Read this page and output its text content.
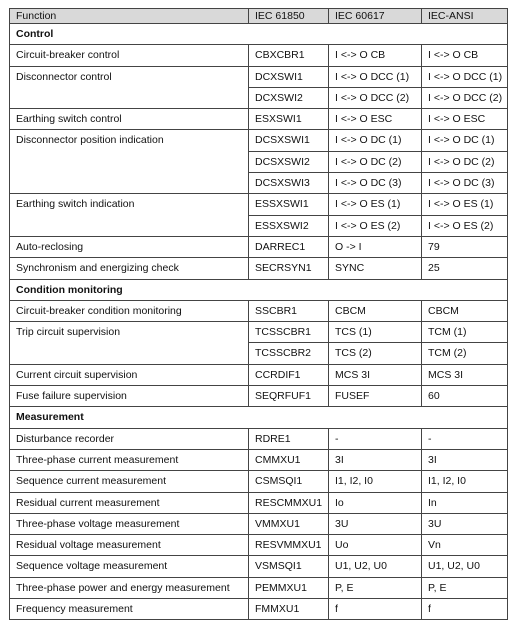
Function	IEC 61850	IEC 60617	IEC-ANSI
Control			
Circuit-breaker control	CBXCBR1	I <-> O CB	I <-> O CB
Disconnector control	DCXSWI1	I <-> O DCC (1)	I <-> O DCC (1)
	DCXSWI2	I <-> O DCC (2)	I <-> O DCC (2)
Earthing switch control	ESXSWI1	I <-> O ESC	I <-> O ESC
Disconnector position indication	DCSXSWI1	I <-> O DC (1)	I <-> O DC (1)
	DCSXSWI2	I <-> O DC (2)	I <-> O DC (2)
	DCSXSWI3	I <-> O DC (3)	I <-> O DC (3)
Earthing switch indication	ESSXSWI1	I <-> O ES (1)	I <-> O ES (1)
	ESSXSWI2	I <-> O ES (2)	I <-> O ES (2)
Auto-reclosing	DARREC1	O -> I	79
Synchronism and energizing check	SECRSYN1	SYNC	25
Condition monitoring			
Circuit-breaker condition monitoring	SSCBR1	CBCM	CBCM
Trip circuit supervision	TCSSCBR1	TCS (1)	TCM (1)
	TCSSCBR2	TCS (2)	TCM (2)
Current circuit supervision	CCRDIF1	MCS 3I	MCS 3I
Fuse failure supervision	SEQRFUF1	FUSEF	60
Measurement			
Disturbance recorder	RDRE1	-	-
Three-phase current measurement	CMMXU1	3I	3I
Sequence current measurement	CSMSQI1	I1, I2, I0	I1, I2, I0
Residual current measurement	RESCMMXU1	Io	In
Three-phase voltage measurement	VMMXU1	3U	3U
Residual voltage measurement	RESVMMXU1	Uo	Vn
Sequence voltage measurement	VSMSQI1	U1, U2, U0	U1, U2, U0
Three-phase power and energy measurement	PEMMXU1	P, E	P, E
Frequency measurement	FMMXU1	f	f
